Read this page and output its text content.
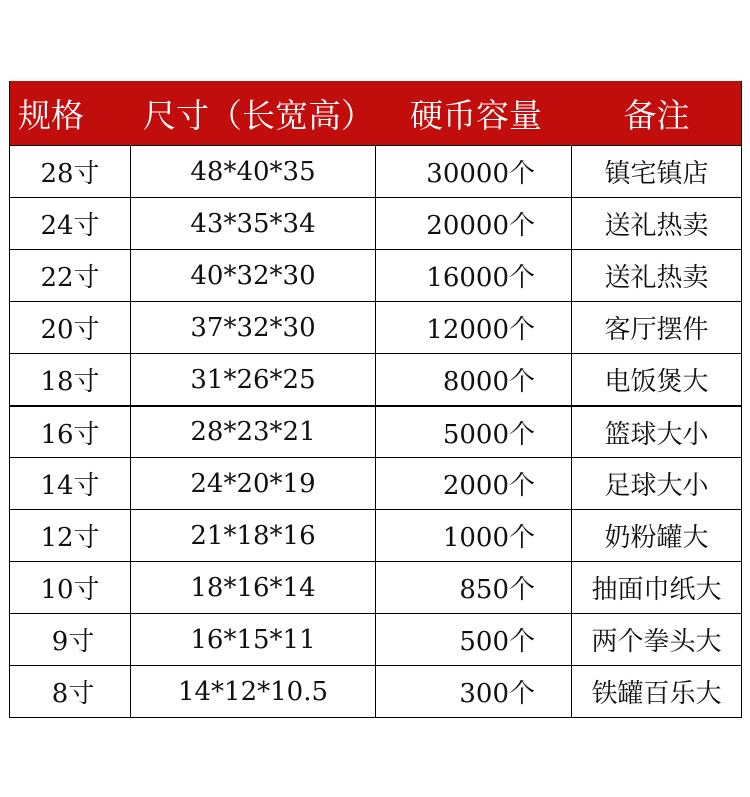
规格	尺寸（长宽高）	硬币容量	备注
28寸	48*40*35	30000个	镇宅镇店
24寸	43*35*34	20000个	送礼热卖
22寸	40*32*30	16000个	送礼热卖
20寸	37*32*30	12000个	客厅摆件
18寸	31*26*25	8000个	电饭煲大
16寸	28*23*21	5000个	篮球大小
14寸	24*20*19	2000个	足球大小
12寸	21*18*16	1000个	奶粉罐大
10寸	18*16*14	850个	抽面巾纸大
9寸	16*15*11	500个	两个拳头大
8寸	14*12*10.5	300个	铁罐百乐大
